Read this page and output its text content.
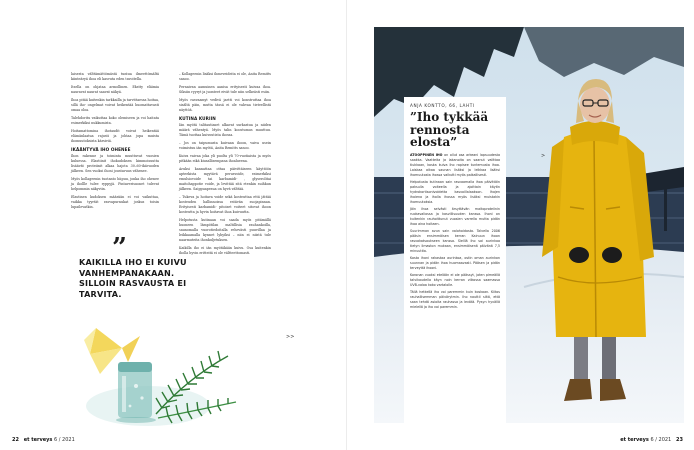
laisesta välttämättömästä tuntua ilmeettömältä kiinteäryä ihoa eli kasvuta eden tavoitella.

Itsella on ohjataa armollinen. Ekstty eläimia nauravat naurat saavat näkyä.

Ihoa pitää kuitenkin tarkkailla ja tarvittaessa hoitaa, sillä iho- ongelmat voivat heikentää huomattavasti omaa oloa.

Talehdoritu vaikuttaa koko olemiseen ja voi haitata esimerkiksi nukkumista.

Hoitamattomina ihotaudit voivat heikentää elämänlaatua rajusti ja johtaa jopa muista ihomuutoksista kärsiviä.

IKÄÄNTYVÄ IHO OHENEE

Ihon rakenne ja toiminta muuttuvat vuosien kuluessa. Elastiinit ihokudoksen kimmoisuutta lisäävät proteiinit alkaa hajota 30–60-ikävuoden jälkeen. Sen vuoksi ihoni joustavuus vähenee.

Myös kollageenin tuotanto hiipuu, jonka iho ohenee ja ihollle tulee ryppyjä. Pintaverisuonet tulevat helpommin näkyviin.

Elastinen kudoksen määrään ei voi vaikuttaa, vaikka tyyrtät rasvapurnukat joskus toisin lupailevatkin.

– Kollageenin lisäksi ihmeveideita ei ole, Anita Remitts sanoo.

Pernaivan aamuinen aanisa erityisesti kuivaa ihoa. Siksiin ryyryt ja juonteet eivät tule niin selkeästi esiin.

Myös rasvaamyt vedivä jaetti voi konstruttaa ihoa sisältä päin, mutta tässä ei ole vahvaa tieteellistä näyttöä.

KUTINA KURIIN

Iän myötä talitautiaset alkavat surkastua ja niiden määrä vähentyä. Myös talin koostumus muuttuu. Tämä tuottaa kuivoutista ihossa.

– Jos on taipumusta kuivaan ihoon, vaiva usein voimistuu iän myötä, Anita Remitts sanoo.

Kuiva vaivaa joka yli puolta yli 70-vuotiaista ja myös pitkään eikä kiusallisempana ihoalueena.

Aruksi kannattaa ottaa päivittäiseen käyttöön apteekista myytävä perusvoide, esimerkiksi emulsiovoide tai karbamidi- , glyserolitai maitohappotie voide, ja levittää sitä etenkin suihkun jälkeen. Saippuapesua on hyvä välttää.

– Tukeva ja hoitava voide sekä kosteuttaa että jättää kosteuden hallinnoissa estävän suojapinnan. Erityisesti karbamidi- pitoiset voiteet sitovat ihoon kosteutta ja hyvin hoitavat ihoa kuivuutta.

Helpotusta kutinaan voi saada myös pitämällä huoneen lämpötilan maltillisia rauhankoilla, saunomalla vuorotiedoitalla rehevästi puuvillaa ja leikkaamalla kynnet lyhyiksi – niin ei niistä tule naarmuteita ihonkuljetuksen.

Kaikilla iho ei iän myötäkään kuivu. Osa kuitenkin iholla hyvin eritteitä ei ole vältteettomasti.

”
KAIKILLA IHO EI KUIVU VANHEMPANAKAAN. SILLOIN RASVAUSTA EI TARVITA.
>>
22 et terveys 6 / 2021
ANJA KONTTO, 66, LAHTI
”Iho tykkää rennosta elosta”

ATOOPPINEN IHO on ollut osa arkeani lapsuudesta saakka. Vaatteita ja lakanoita on saanut valittaa tiukkaan, koska kuiva iho rapisee tuntemusta ihoa. Laiskaa aikaa saunan lisäksi ja leikkaa lisäksi ihomuutosta ihossa vaikutti myös paikallisesti.

Helpotusta kutinaan sain rasvaamalla ihoa päivittäin paksulla voiteella ja ajoittain käytin hydrokortisonivoidetta kasvoillalaakson. Ihojen ihoiena ja iholla ihossa myös lisäksi muistakin ihomuutoksia.

Jäin ihoa selvästi ärsyttävän maitoproteiinin ruokavaliossa ja kasvillisuuden kanssa. Ihoni on kuitenkin rauhoittunut vuosien varrella mutta pidän ihoa aina hoitaen.

Suurimman avun sain valohoidosta. Talvella 2006 pääsin ensimmäisen kerran Kainuun ihoon rasvakatsaukseen kanssa. Sielllä iho sai aurinkoa tietyn ilmaston mukaan, ensimmäisenä päivänä 7,5 minuuttia.

Kosta ihoni rakastaa aurinkoa, ostin oman aurinkon suunnan ja pidän ihoa huomaavasti. Pääsen ja pidän terveyttä ihooni.

Koronan vuoksi etelään ei ole päässyt, joten pimeällä talvikaudella käyn noin kerran viikossa saamassa UVB-valoa koko vartalolle.

Tällä hetkellä iho voi paremmin kuin koskaan. Kiitos rauhallisemman päivärytmin. Iho nauttii siitä, että saan tehdä asioita rauhassa ja levätä. Pysyn hyvällä mielellä ja iho voi paremmin.

>
et terveys 6 / 2021 23
